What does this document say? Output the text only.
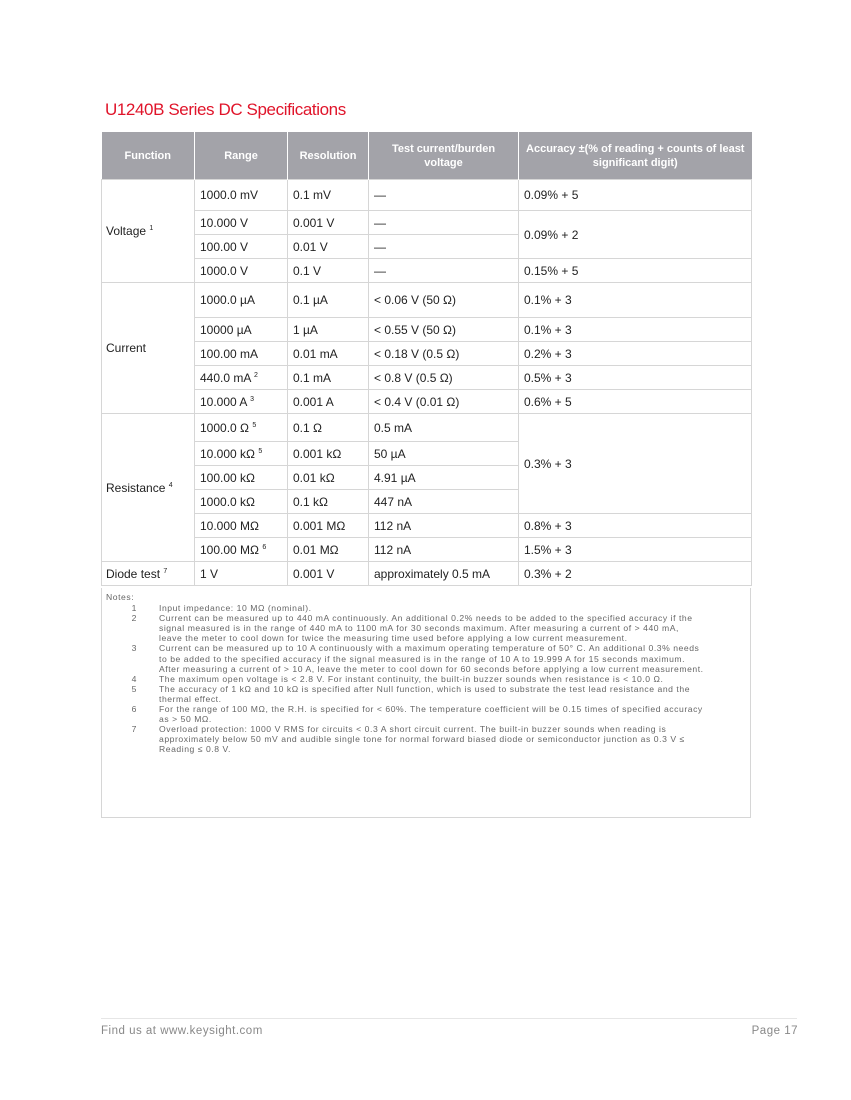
U1240B Series DC Specifications
Function	Range	Resolution	Test current/burden voltage	Accuracy ±(% of reading + counts of least significant digit)
Voltage $^1$	1000.0 mV	0.1 mV	—	0.09% + 5
	10.000 V	0.001 V	—	0.09% + 2
	100.00 V	0.01 V	—	
	1000.0 V	0.1 V	—	0.15% + 5
Current	1000.0 µA	0.1 µA	< 0.06 V (50 Ω)	0.1% + 3
	10000 µA	1 µA	< 0.55 V (50 Ω)	0.1% + 3
	100.00 mA	0.01 mA	< 0.18 V (0.5 Ω)	0.2% + 3
	440.0 mA $^2$	0.1 mA	< 0.8 V (0.5 Ω)	0.5% + 3
	10.000 A $^3$	0.001 A	< 0.4 V (0.01 Ω)	0.6% + 5
Resistance $^4$	1000.0 Ω $^5$	0.1 Ω	0.5 mA	0.3% + 3
	10.000 kΩ $^5$	0.001 kΩ	50 µA	
	100.00 kΩ	0.01 kΩ	4.91 µA	
	1000.0 kΩ	0.1 kΩ	447 nA	
	10.000 MΩ	0.001 MΩ	112 nA	0.8% + 3
	100.00 MΩ $^6$	0.01 MΩ	112 nA	1.5% + 3
Diode test $^7$	1 V	0.001 V	approximately 0.5 mA	0.3% + 2
Notes:
1	Input impedance: 10 MΩ (nominal).
2	Current can be measured up to 440 mA continuously. An additional 0.2% needs to be added to the specified accuracy if the signal measured is in the range of 440 mA to 1100 mA for 30 seconds maximum. After measuring a current of > 440 mA, leave the meter to cool down for twice the measuring time used before applying a low current measurement.
3	Current can be measured up to 10 A continuously with a maximum operating temperature of 50° C. An additional 0.3% needs to be added to the specified accuracy if the signal measured is in the range of 10 A to 19.999 A for 15 seconds maximum. After measuring a current of > 10 A, leave the meter to cool down for 60 seconds before applying a low current measurement.
4	The maximum open voltage is < 2.8 V. For instant continuity, the built-in buzzer sounds when resistance is < 10.0 Ω.
5	The accuracy of 1 kΩ and 10 kΩ is specified after Null function, which is used to substrate the test lead resistance and the thermal effect.
6	For the range of 100 MΩ, the R.H. is specified for < 60%. The temperature coefficient will be 0.15 times of specified accuracy as > 50 MΩ.
7	Overload protection: 1000 V RMS for circuits < 0.3 A short circuit current. The built-in buzzer sounds when reading is approximately below 50 mV and audible single tone for normal forward biased diode or semiconductor junction as 0.3 V ≤ Reading ≤ 0.8 V.
Find us at www.keysight.com	Page 17
